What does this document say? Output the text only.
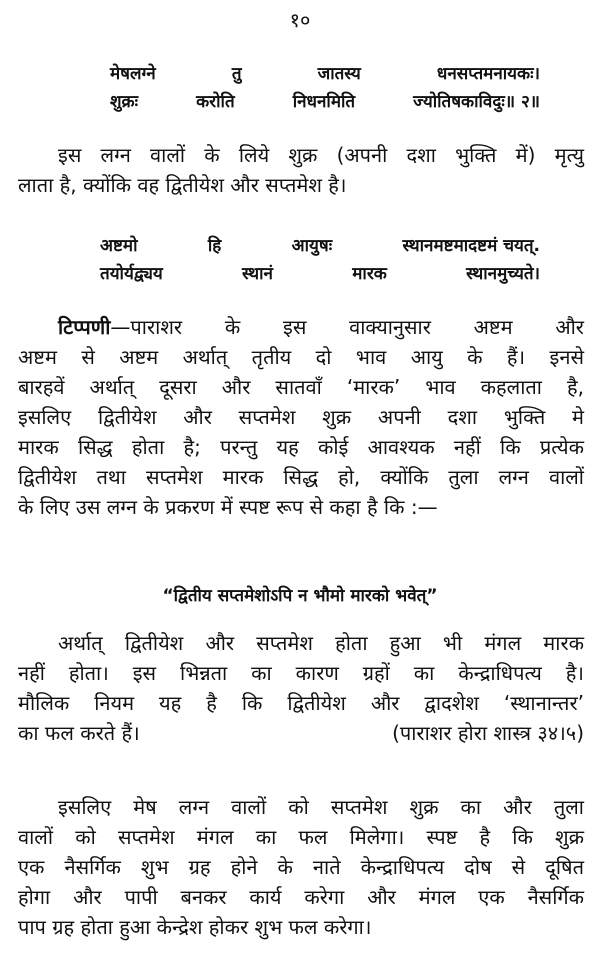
१०
मेषलग्ने	तु	जातस्य	धनसप्तमनायकः।
शुक्रः	करोति	निधनमिति	ज्योतिषकाविदुः॥ २॥
इस लग्न वालों के लिये शुक्र (अपनी दशा भुक्ति में) मृत्यु
लाता है, क्योंकि वह द्वितीयेश और सप्तमेश है।
अष्टमो	हि	आयुषः	स्थानमष्टमादष्टमं चयत्.
तयोर्यद्व्यय	स्थानं	मारक	स्थानमुच्यते।
टिप्पणी—पाराशर के इस वाक्यानुसार अष्टम और
अष्टम से अष्टम अर्थात् तृतीय दो भाव आयु के हैं। इनसे
बारहवें अर्थात् दूसरा और सातवाँ ‘मारक’ भाव कहलाता है,
इसलिए द्वितीयेश और सप्तमेश शुक्र अपनी दशा भुक्ति मे
मारक सिद्ध होता है; परन्तु यह कोई आवश्यक नहीं कि प्रत्येक
द्वितीयेश तथा सप्तमेश मारक सिद्ध हो, क्योंकि तुला लग्न वालों
के लिए उस लग्न के प्रकरण में स्पष्ट रूप से कहा है कि :—
“द्वितीय सप्तमेशोऽपि न भौमो मारको भवेत्”
अर्थात् द्वितीयेश और सप्तमेश होता हुआ भी मंगल मारक
नहीं होता। इस भिन्नता का कारण ग्रहों का केन्द्राधिपत्य है।
मौलिक नियम यह है कि द्वितीयेश और द्वादशेश ‘स्थानान्तर’
का फल करते हैं।	(पाराशर होरा शास्त्र ३४।५)
इसलिए मेष लग्न वालों को सप्तमेश शुक्र का और तुला
वालों को सप्तमेश मंगल का फल मिलेगा। स्पष्ट है कि शुक्र
एक नैसर्गिक शुभ ग्रह होने के नाते केन्द्राधिपत्य दोष से दूषित
होगा और पापी बनकर कार्य करेगा और मंगल एक नैसर्गिक
पाप ग्रह होता हुआ केन्द्रेश होकर शुभ फल करेगा।
